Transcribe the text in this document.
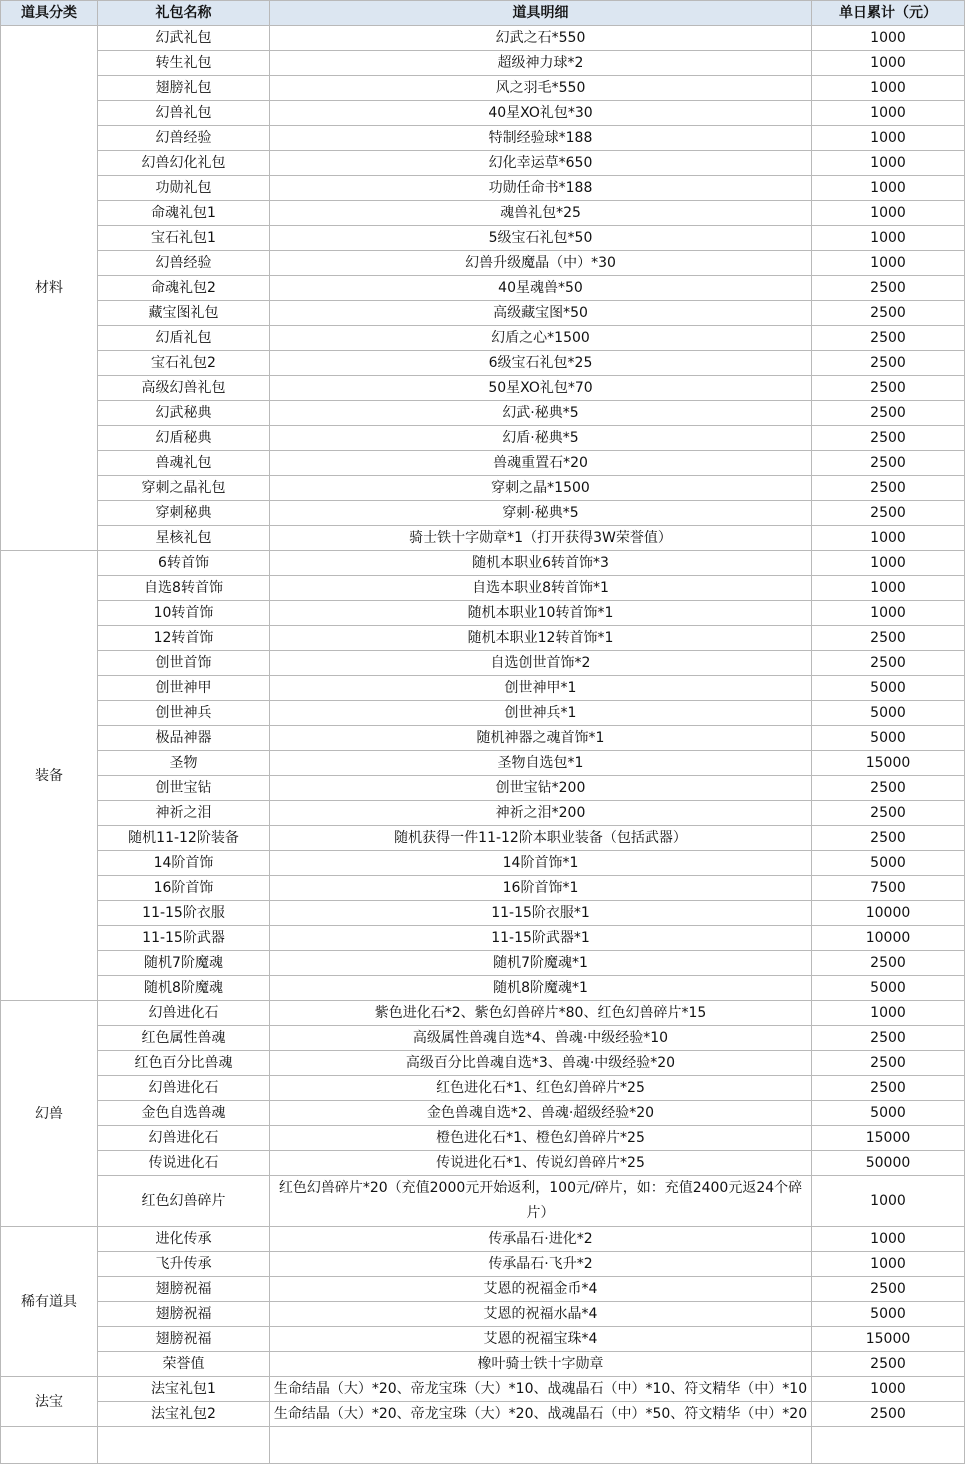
道具分类	礼包名称	道具明细	单日累计（元）
材料	幻武礼包	幻武之石*550	1000
	转生礼包	超级神力球*2	1000
	翅膀礼包	风之羽毛*550	1000
	幻兽礼包	40星XO礼包*30	1000
	幻兽经验	特制经验球*188	1000
	幻兽幻化礼包	幻化幸运草*650	1000
	功勋礼包	功勋任命书*188	1000
	命魂礼包1	魂兽礼包*25	1000
	宝石礼包1	5级宝石礼包*50	1000
	幻兽经验	幻兽升级魔晶（中）*30	1000
	命魂礼包2	40星魂兽*50	2500
	藏宝图礼包	高级藏宝图*50	2500
	幻盾礼包	幻盾之心*1500	2500
	宝石礼包2	6级宝石礼包*25	2500
	高级幻兽礼包	50星XO礼包*70	2500
	幻武秘典	幻武·秘典*5	2500
	幻盾秘典	幻盾·秘典*5	2500
	兽魂礼包	兽魂重置石*20	2500
	穿刺之晶礼包	穿刺之晶*1500	2500
	穿刺秘典	穿刺·秘典*5	2500
	星核礼包	骑士铁十字勋章*1（打开获得3W荣誉值）	1000
装备	6转首饰	随机本职业6转首饰*3	1000
	自选8转首饰	自选本职业8转首饰*1	1000
	10转首饰	随机本职业10转首饰*1	1000
	12转首饰	随机本职业12转首饰*1	2500
	创世首饰	自选创世首饰*2	2500
	创世神甲	创世神甲*1	5000
	创世神兵	创世神兵*1	5000
	极品神器	随机神器之魂首饰*1	5000
	圣物	圣物自选包*1	15000
	创世宝钻	创世宝钻*200	2500
	神祈之泪	神祈之泪*200	2500
	随机11-12阶装备	随机获得一件11-12阶本职业装备（包括武器）	2500
	14阶首饰	14阶首饰*1	5000
	16阶首饰	16阶首饰*1	7500
	11-15阶衣服	11-15阶衣服*1	10000
	11-15阶武器	11-15阶武器*1	10000
	随机7阶魔魂	随机7阶魔魂*1	2500
	随机8阶魔魂	随机8阶魔魂*1	5000
幻兽	幻兽进化石	紫色进化石*2、紫色幻兽碎片*80、红色幻兽碎片*15	1000
	红色属性兽魂	高级属性兽魂自选*4、兽魂·中级经验*10	2500
	红色百分比兽魂	高级百分比兽魂自选*3、兽魂·中级经验*20	2500
	幻兽进化石	红色进化石*1、红色幻兽碎片*25	2500
	金色自选兽魂	金色兽魂自选*2、兽魂·超级经验*20	5000
	幻兽进化石	橙色进化石*1、橙色幻兽碎片*25	15000
	传说进化石	传说进化石*1、传说幻兽碎片*25	50000
	红色幻兽碎片	红色幻兽碎片*20（充值2000元开始返利，100元/碎片，如：充值2400元返24个碎片）	1000
稀有道具	进化传承	传承晶石·进化*2	1000
	飞升传承	传承晶石·飞升*2	1000
	翅膀祝福	艾恩的祝福金币*4	2500
	翅膀祝福	艾恩的祝福水晶*4	5000
	翅膀祝福	艾恩的祝福宝珠*4	15000
	荣誉值	橡叶骑士铁十字勋章	2500
法宝	法宝礼包1	生命结晶（大）*20、帝龙宝珠（大）*10、战魂晶石（中）*10、符文精华（中）*10	1000
	法宝礼包2	生命结晶（大）*20、帝龙宝珠（大）*20、战魂晶石（中）*50、符文精华（中）*20	2500
